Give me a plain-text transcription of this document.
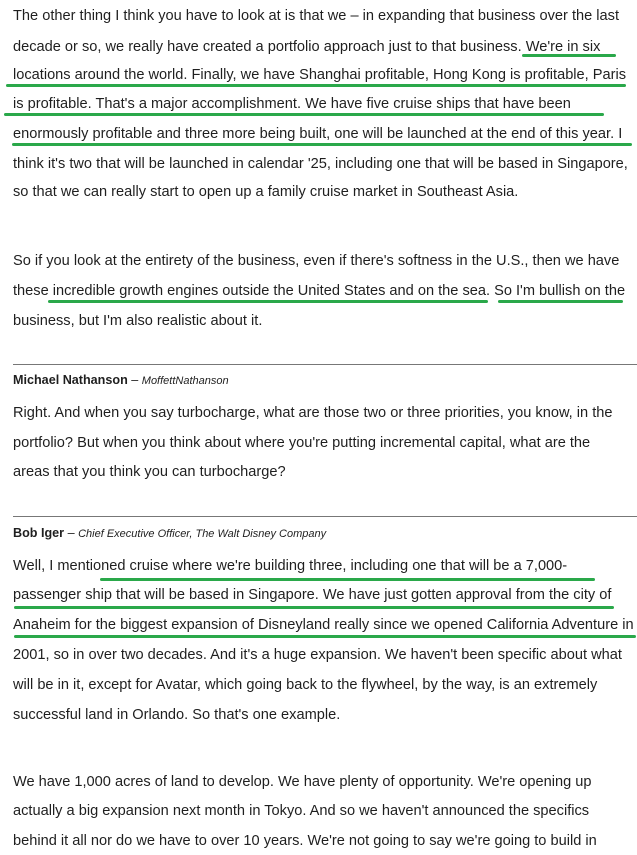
The other thing I think you have to look at is that we – in expanding that business over the last

decade or so, we really have created a portfolio approach just to that business. We're in six

locations around the world. Finally, we have Shanghai profitable, Hong Kong is profitable, Paris

is profitable. That's a major accomplishment. We have five cruise ships that have been

enormously profitable and three more being built, one will be launched at the end of this year. I

think it's two that will be launched in calendar '25, including one that will be based in Singapore,

so that we can really start to open up a family cruise market in Southeast Asia.

So if you look at the entirety of the business, even if there's softness in the U.S., then we have

these incredible growth engines outside the United States and on the sea. So I'm bullish on the

business, but I'm also realistic about it.

Michael Nathanson – MoffettNathanson

Right. And when you say turbocharge, what are those two or three priorities, you know, in the

portfolio? But when you think about where you're putting incremental capital, what are the

areas that you think you can turbocharge?

Bob Iger – Chief Executive Officer, The Walt Disney Company

Well, I mentioned cruise where we're building three, including one that will be a 7,000-

passenger ship that will be based in Singapore. We have just gotten approval from the city of

Anaheim for the biggest expansion of Disneyland really since we opened California Adventure in

2001, so in over two decades. And it's a huge expansion. We haven't been specific about what

will be in it, except for Avatar, which going back to the flywheel, by the way, is an extremely

successful land in Orlando. So that's one example.

We have 1,000 acres of land to develop. We have plenty of opportunity. We're opening up

actually a big expansion next month in Tokyo. And so we haven't announced the specifics

behind it all nor do we have to over 10 years. We're not going to say we're going to build in
